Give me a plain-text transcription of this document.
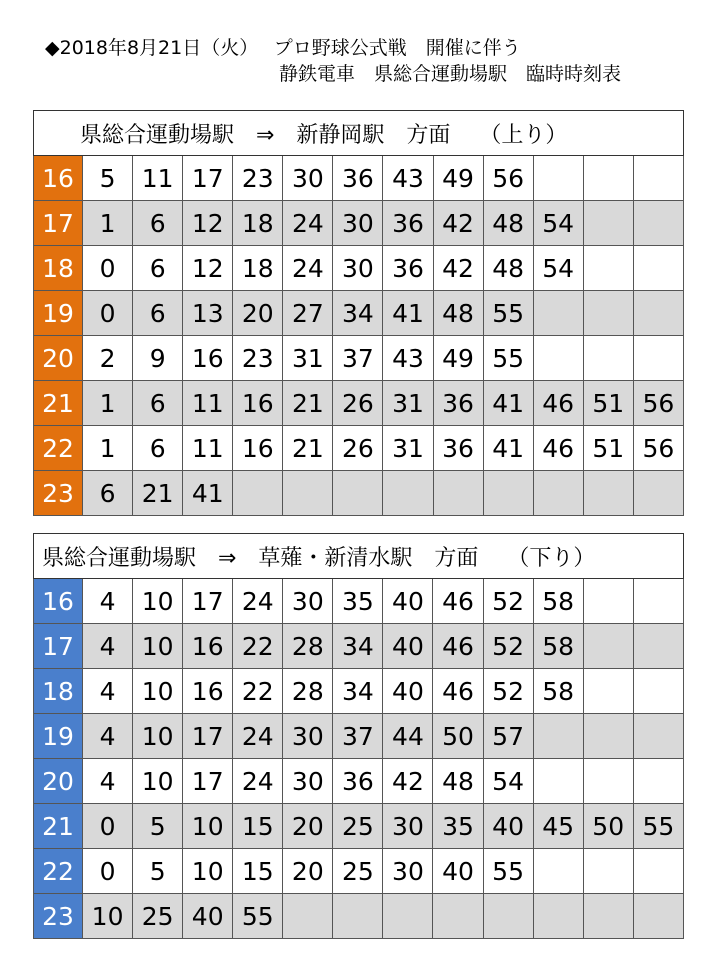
◆2018年8月21日（火）　 プロ野球公式戦　開催に伴う
静鉄電車　県総合運動場駅　臨時時刻表
県総合運動場駅　⇒　新静岡駅　方面　 （上り）												
16	5	11	17	23	30	36	43	49	56			
17	1	6	12	18	24	30	36	42	48	54		
18	0	6	12	18	24	30	36	42	48	54		
19	0	6	13	20	27	34	41	48	55			
20	2	9	16	23	31	37	43	49	55			
21	1	6	11	16	21	26	31	36	41	46	51	56
22	1	6	11	16	21	26	31	36	41	46	51	56
23	6	21	41									
県総合運動場駅　⇒　草薙・新清水駅　方面　 （下り）												
16	4	10	17	24	30	35	40	46	52	58		
17	4	10	16	22	28	34	40	46	52	58		
18	4	10	16	22	28	34	40	46	52	58		
19	4	10	17	24	30	37	44	50	57			
20	4	10	17	24	30	36	42	48	54			
21	0	5	10	15	20	25	30	35	40	45	50	55
22	0	5	10	15	20	25	30	40	55			
23	10	25	40	55								
